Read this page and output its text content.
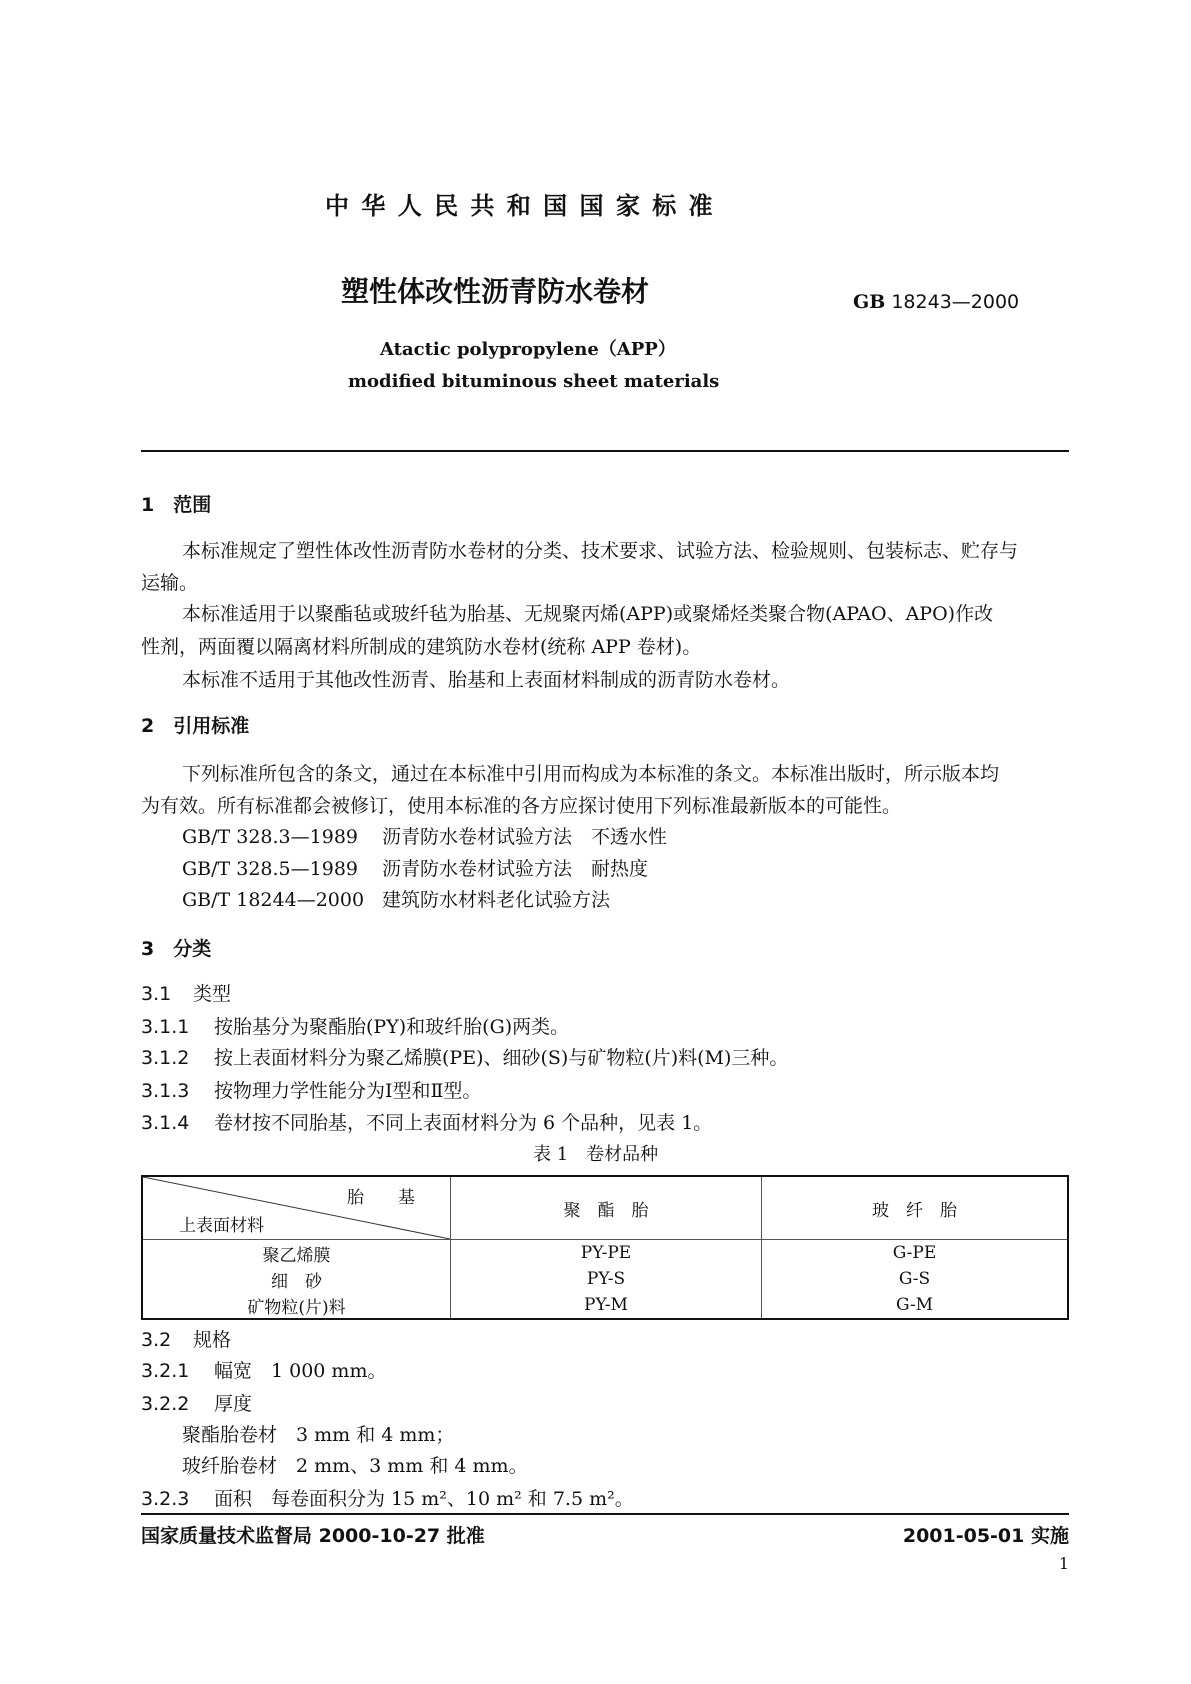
中 华 人 民 共 和 国 国 家 标 准
塑性体改性沥青防水卷材	GB 18243—2000
Atactic polypropylene（APP）
modified bituminous sheet materials
1　范围
本标准规定了塑性体改性沥青防水卷材的分类、技术要求、试验方法、检验规则、包装标志、贮存与
运输。
本标准适用于以聚酯毡或玻纤毡为胎基、无规聚丙烯(APP)或聚烯烃类聚合物(APAO、APO)作改
性剂，两面覆以隔离材料所制成的建筑防水卷材(统称 APP 卷材)。
本标准不适用于其他改性沥青、胎基和上表面材料制成的沥青防水卷材。
2　引用标准
下列标准所包含的条文，通过在本标准中引用而构成为本标准的条文。本标准出版时，所示版本均
为有效。所有标准都会被修订，使用本标准的各方应探讨使用下列标准最新版本的可能性。
GB/T 328.3—1989 沥青防水卷材试验方法　不透水性
GB/T 328.5—1989 沥青防水卷材试验方法　耐热度
GB/T 18244—2000 建筑防水材料老化试验方法
3　分类
3.1 类型
3.1.1 按胎基分为聚酯胎(PY)和玻纤胎(G)两类。
3.1.2 按上表面材料分为聚乙烯膜(PE)、细砂(S)与矿物粒(片)料(M)三种。
3.1.3 按物理力学性能分为Ⅰ型和Ⅱ型。
3.1.4 卷材按不同胎基，不同上表面材料分为 6 个品种，见表 1。
表 1　卷材品种
胎　　基
上表面材料	聚　酯　胎	玻　纤　胎
聚乙烯膜	PY-PE	G-PE
细　砂	PY-S	G-S
矿物粒(片)料	PY-M	G-M
3.2 规格
3.2.1 幅宽　1 000 mm。
3.2.2 厚度
聚酯胎卷材　3 mm 和 4 mm；
玻纤胎卷材　2 mm、3 mm 和 4 mm。
3.2.3 面积　每卷面积分为 15 m²、10 m² 和 7.5 m²。
国家质量技术监督局 2000-10-27 批准	2001-05-01 实施
1
